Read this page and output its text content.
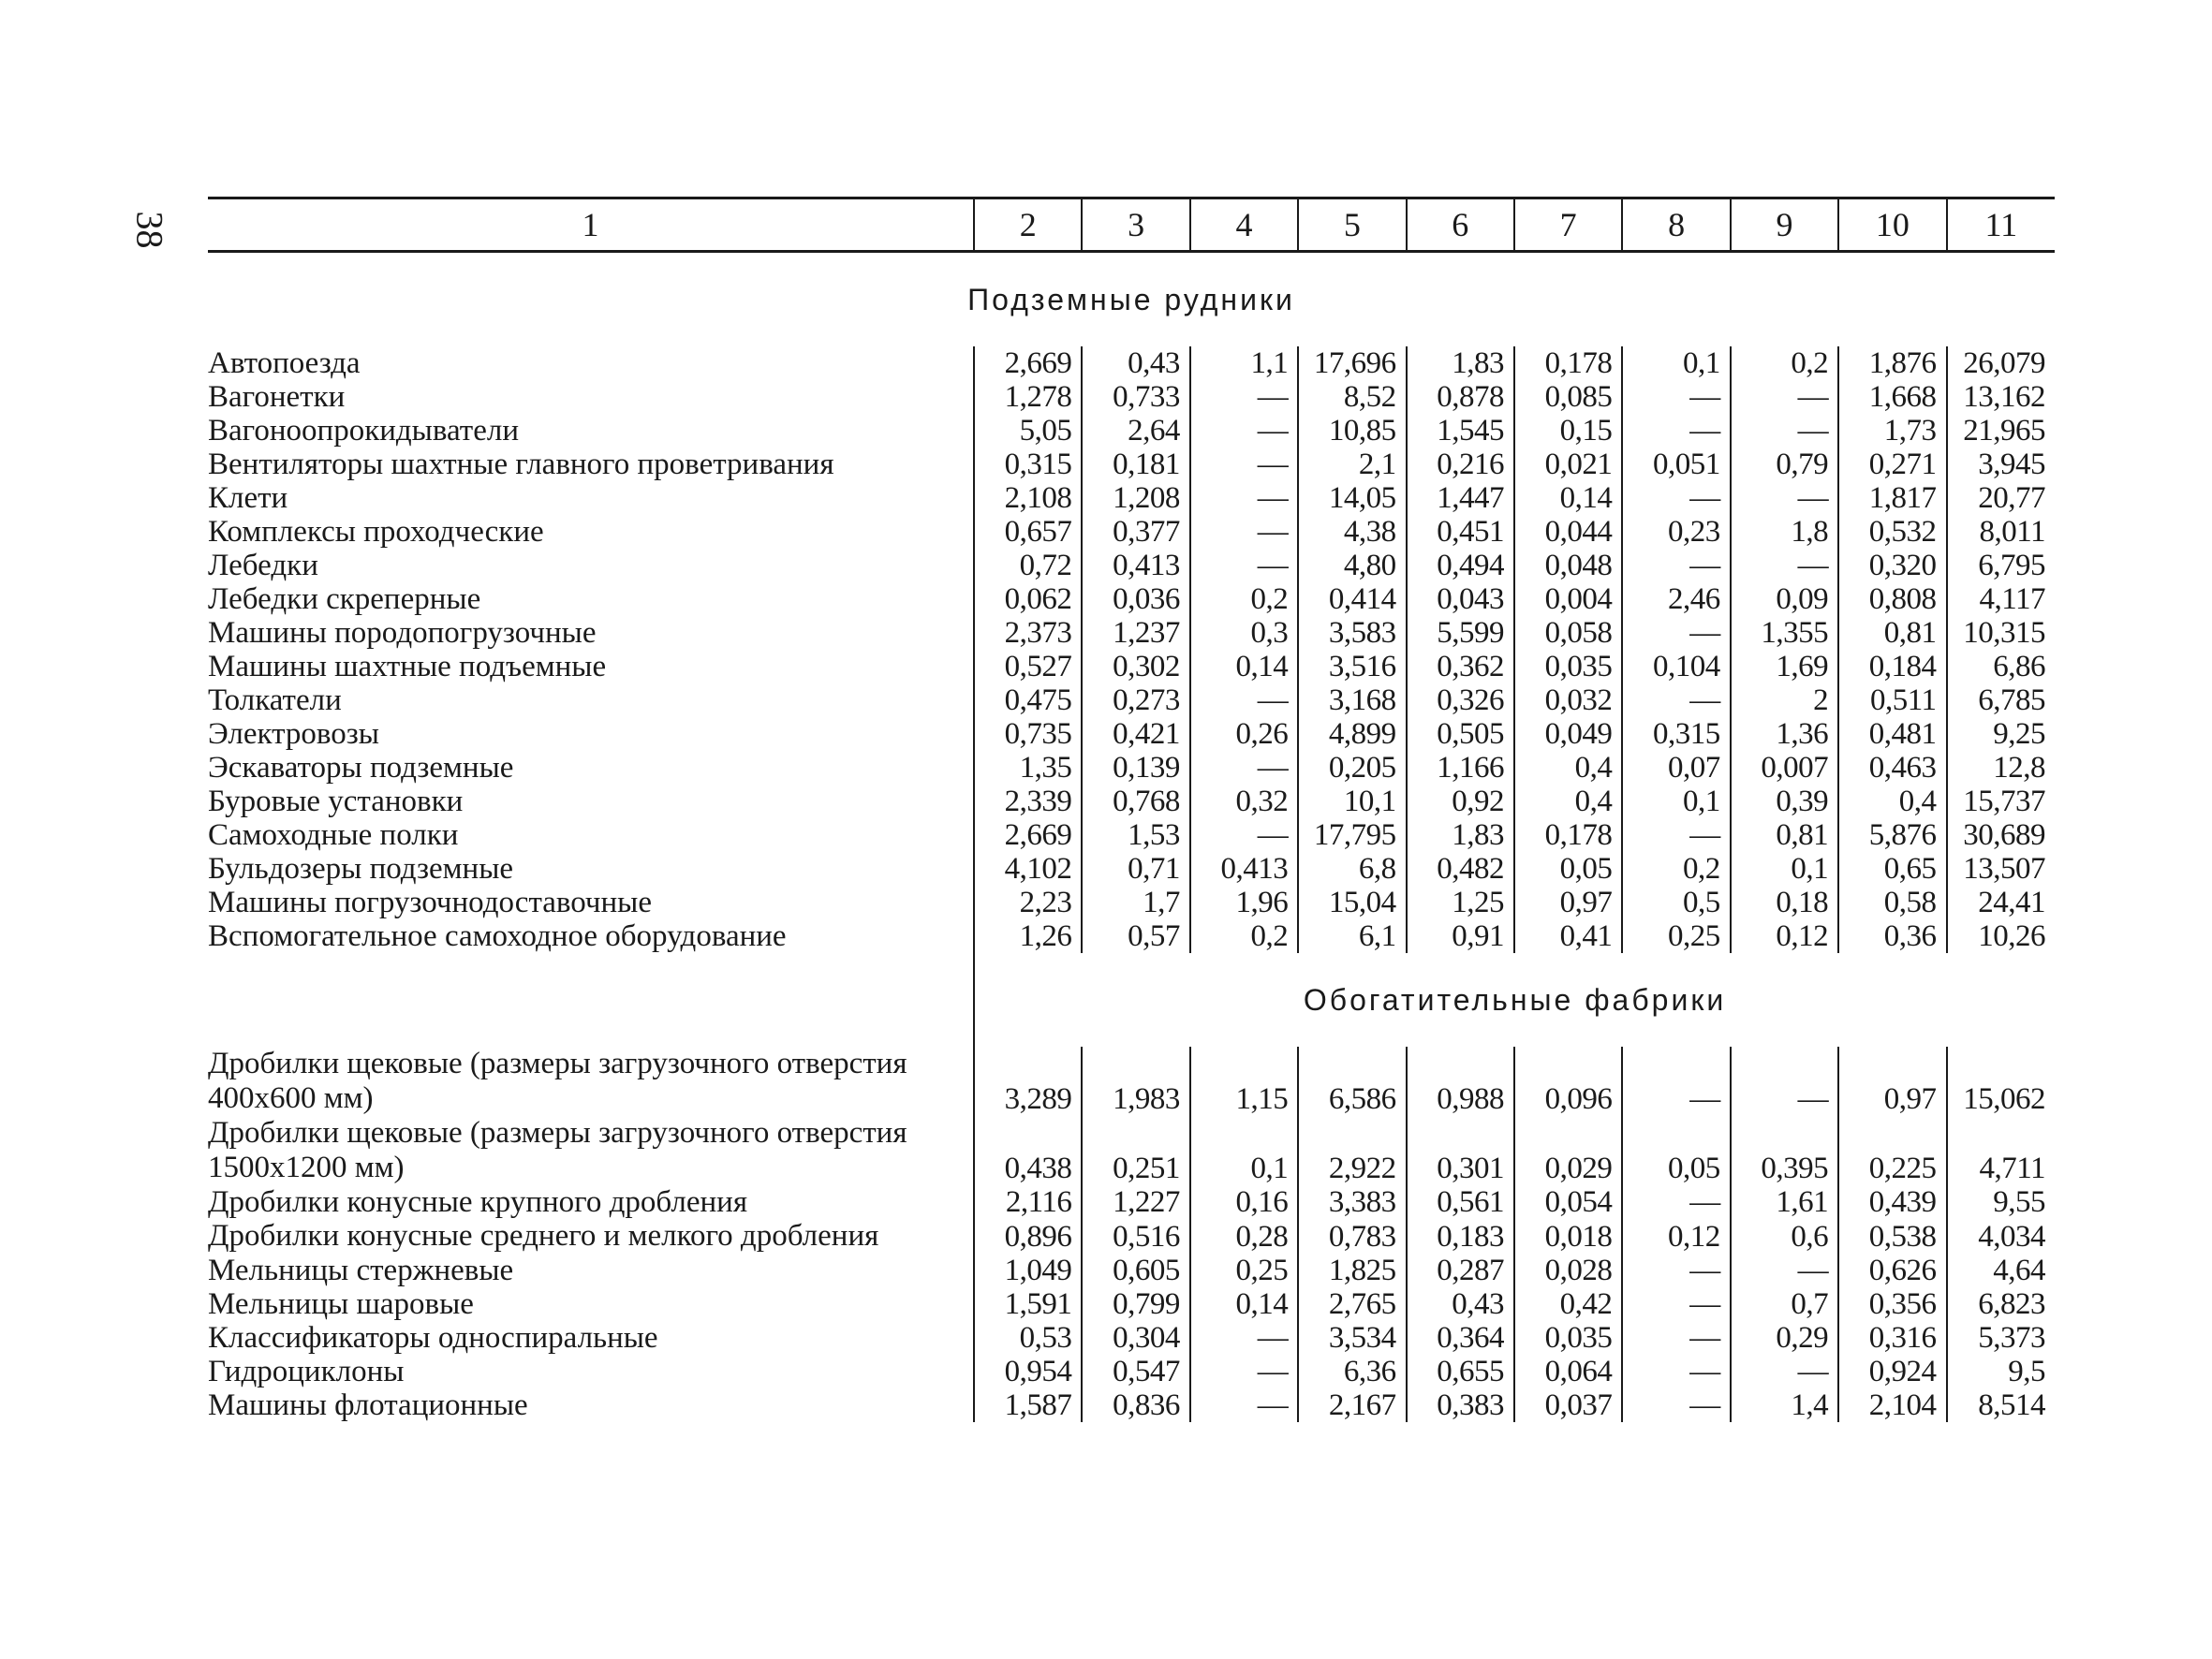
38	1	2	3	4	5	6	7	8	9	10	11
Подземные рудники										
Автопоезда	2,669	0,43	1,1	17,696	1,83	0,178	0,1	0,2	1,876	26,079
Вагонетки	1,278	0,733	—	8,52	0,878	0,085	—	—	1,668	13,162
Вагоноопрокидыватели	5,05	2,64	—	10,85	1,545	0,15	—	—	1,73	21,965
Вентиляторы шахтные главного проветривания	0,315	0,181	—	2,1	0,216	0,021	0,051	0,79	0,271	3,945
Клети	2,108	1,208	—	14,05	1,447	0,14	—	—	1,817	20,77
Комплексы проходческие	0,657	0,377	—	4,38	0,451	0,044	0,23	1,8	0,532	8,011
Лебедки	0,72	0,413	—	4,80	0,494	0,048	—	—	0,320	6,795
Лебедки скреперные	0,062	0,036	0,2	0,414	0,043	0,004	2,46	0,09	0,808	4,117
Машины породопогрузочные	2,373	1,237	0,3	3,583	5,599	0,058	—	1,355	0,81	10,315
Машины шахтные подъемные	0,527	0,302	0,14	3,516	0,362	0,035	0,104	1,69	0,184	6,86
Толкатели	0,475	0,273	—	3,168	0,326	0,032	—	2	0,511	6,785
Электровозы	0,735	0,421	0,26	4,899	0,505	0,049	0,315	1,36	0,481	9,25
Эскаваторы подземные	1,35	0,139	—	0,205	1,166	0,4	0,07	0,007	0,463	12,8
Буровые установки	2,339	0,768	0,32	10,1	0,92	0,4	0,1	0,39	0,4	15,737
Самоходные полки	2,669	1,53	—	17,795	1,83	0,178	—	0,81	5,876	30,689
Бульдозеры подземные	4,102	0,71	0,413	6,8	0,482	0,05	0,2	0,1	0,65	13,507
Машины погрузочнодоставочные	2,23	1,7	1,96	15,04	1,25	0,97	0,5	0,18	0,58	24,41
Вспомогательное самоходное оборудование	1,26	0,57	0,2	6,1	0,91	0,41	0,25	0,12	0,36	10,26
	Обогатительные фабрики									
Дробилки щековые (размеры загрузочного отверстия 400х600 мм)	3,289	1,983	1,15	6,586	0,988	0,096	—	—	0,97	15,062
Дробилки щековые (размеры загрузочного отверстия 1500х1200 мм)	0,438	0,251	0,1	2,922	0,301	0,029	0,05	0,395	0,225	4,711
Дробилки конусные крупного дробления	2,116	1,227	0,16	3,383	0,561	0,054	—	1,61	0,439	9,55
Дробилки конусные среднего и мелкого дробления	0,896	0,516	0,28	0,783	0,183	0,018	0,12	0,6	0,538	4,034
Мельницы стержневые	1,049	0,605	0,25	1,825	0,287	0,028	—	—	0,626	4,64
Мельницы шаровые	1,591	0,799	0,14	2,765	0,43	0,42	—	0,7	0,356	6,823
Классификаторы односпиральные	0,53	0,304	—	3,534	0,364	0,035	—	0,29	0,316	5,373
Гидроциклоны	0,954	0,547	—	6,36	0,655	0,064	—	—	0,924	9,5
Машины флотационные	1,587	0,836	—	2,167	0,383	0,037	—	1,4	2,104	8,514
